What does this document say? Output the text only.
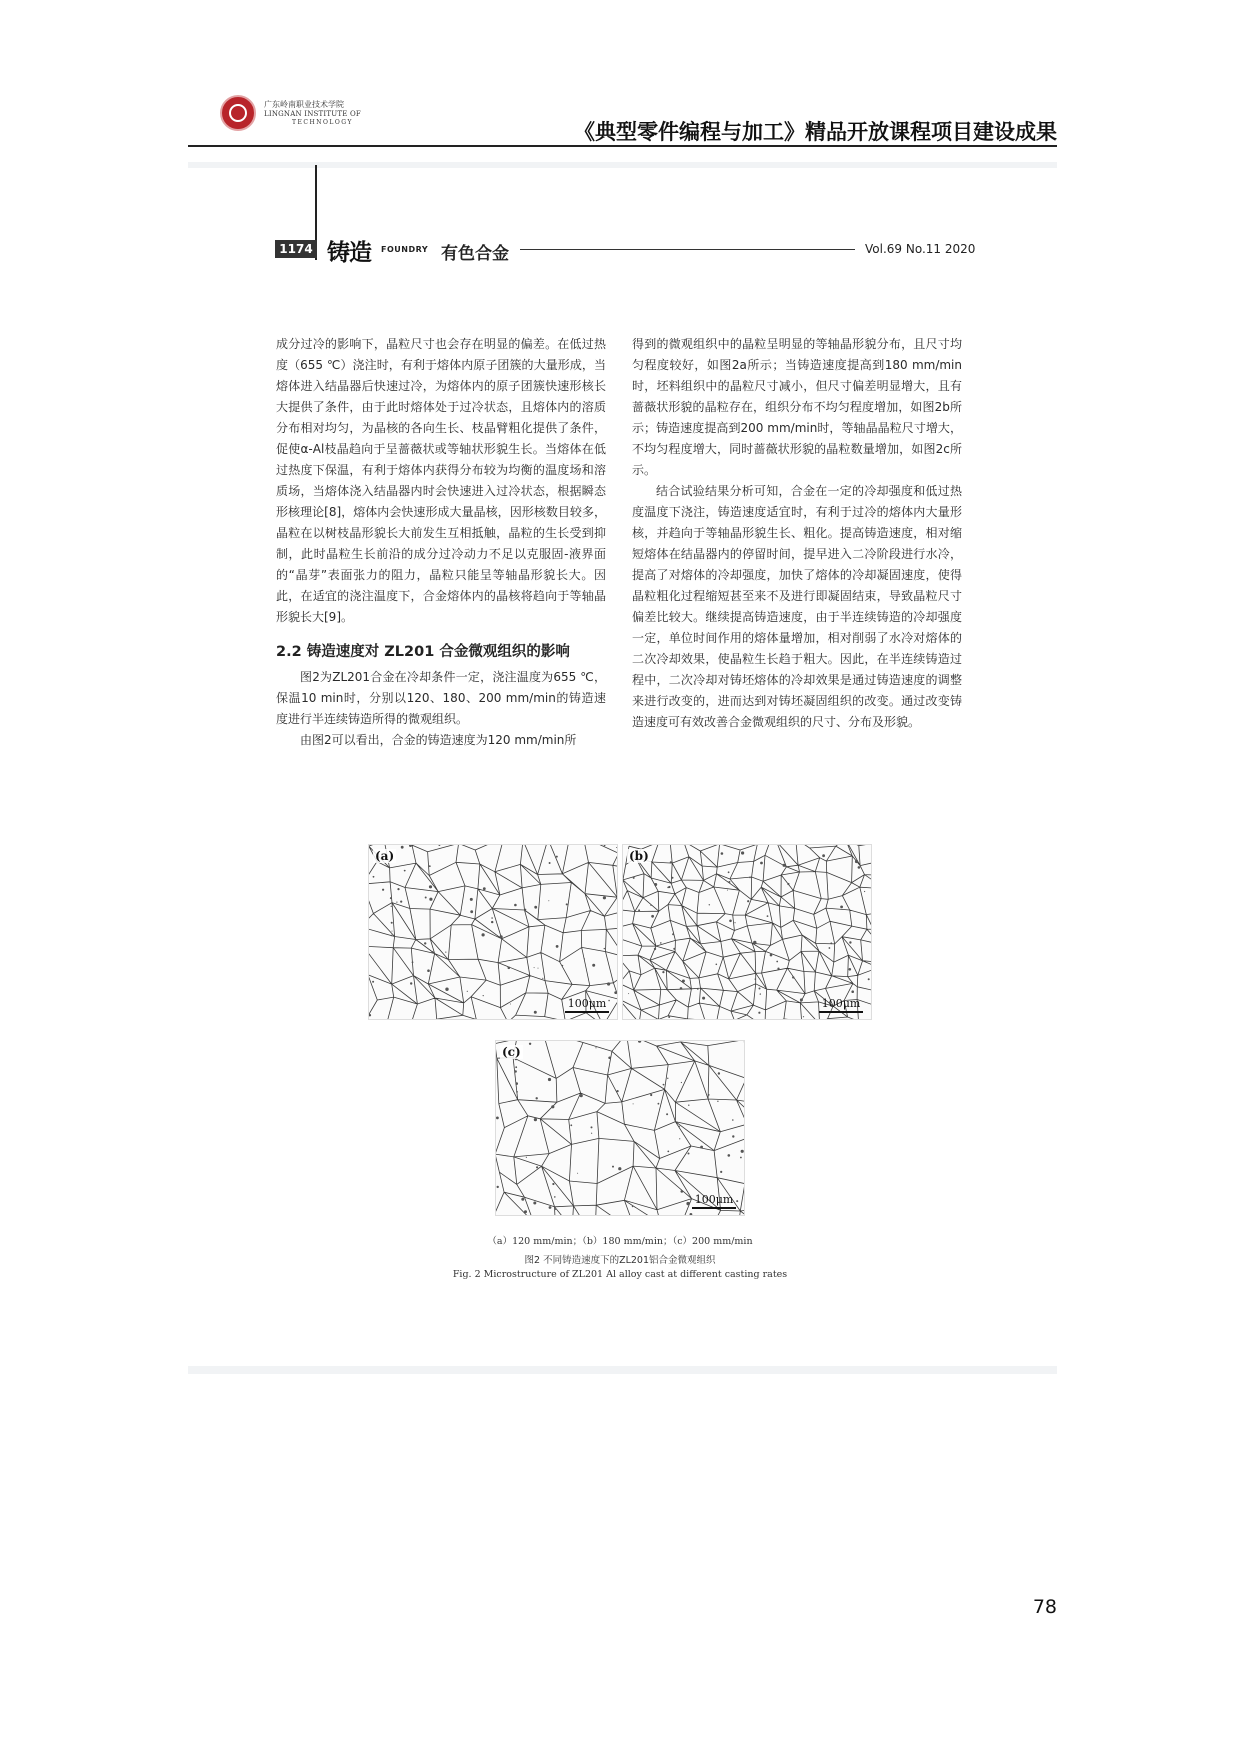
广东岭南职业技术学院
LINGNAN INSTITUTE OF
TECHNOLOGY	《典型零件编程与加工》精品开放课程项目建设成果
1174 铸造 FOUNDRY 有色合金	Vol.69 No.11 2020

成分过冷的影响下，晶粒尺寸也会存在明显的偏差。在低过热度（655 ℃）浇注时，有利于熔体内原子团簇的大量形成，当熔体进入结晶器后快速过冷，为熔体内的原子团簇快速形核长大提供了条件，由于此时熔体处于过冷状态，且熔体内的溶质分布相对均匀，为晶核的各向生长、枝晶臂粗化提供了条件，促使α-Al枝晶趋向于呈蔷薇状或等轴状形貌生长。当熔体在低过热度下保温，有利于熔体内获得分布较为均衡的温度场和溶质场，当熔体浇入结晶器内时会快速进入过冷状态，根据瞬态形核理论[8]，熔体内会快速形成大量晶核，因形核数目较多，晶粒在以树枝晶形貌长大前发生互相抵触，晶粒的生长受到抑制，此时晶粒生长前沿的成分过冷动力不足以克服固-液界面的“晶芽”表面张力的阻力，晶粒只能呈等轴晶形貌长大。因此，在适宜的浇注温度下，合金熔体内的晶核将趋向于等轴晶形貌长大[9]。

2.2 铸造速度对 ZL201 合金微观组织的影响

图2为ZL201合金在冷却条件一定，浇注温度为655 ℃，保温10 min时，分别以120、180、200 mm/min的铸造速度进行半连续铸造所得的微观组织。

由图2可以看出，合金的铸造速度为120 mm/min所

得到的微观组织中的晶粒呈明显的等轴晶形貌分布，且尺寸均匀程度较好，如图2a所示；当铸造速度提高到180 mm/min时，坯料组织中的晶粒尺寸减小，但尺寸偏差明显增大，且有蔷薇状形貌的晶粒存在，组织分布不均匀程度增加，如图2b所示；铸造速度提高到200 mm/min时，等轴晶晶粒尺寸增大，不均匀程度增大，同时蔷薇状形貌的晶粒数量增加，如图2c所示。

结合试验结果分析可知，合金在一定的冷却强度和低过热度温度下浇注，铸造速度适宜时，有利于过冷的熔体内大量形核，并趋向于等轴晶形貌生长、粗化。提高铸造速度，相对缩短熔体在结晶器内的停留时间，提早进入二冷阶段进行水冷，提高了对熔体的冷却强度，加快了熔体的冷却凝固速度，使得晶粒粗化过程缩短甚至来不及进行即凝固结束，导致晶粒尺寸偏差比较大。继续提高铸造速度，由于半连续铸造的冷却强度一定，单位时间作用的熔体量增加，相对削弱了水冷对熔体的二次冷却效果，使晶粒生长趋于粗大。因此，在半连续铸造过程中，二次冷却对铸坯熔体的冷却效果是通过铸造速度的调整来进行改变的，进而达到对铸坯凝固组织的改变。通过改变铸造速度可有效改善合金微观组织的尺寸、分布及形貌。

(a)
100μm
(b)
100μm
(c)
100μm
（a）120 mm/min；（b）180 mm/min；（c）200 mm/min
图2 不同铸造速度下的ZL201铝合金微观组织
Fig. 2 Microstructure of ZL201 Al alloy cast at different casting rates
78
